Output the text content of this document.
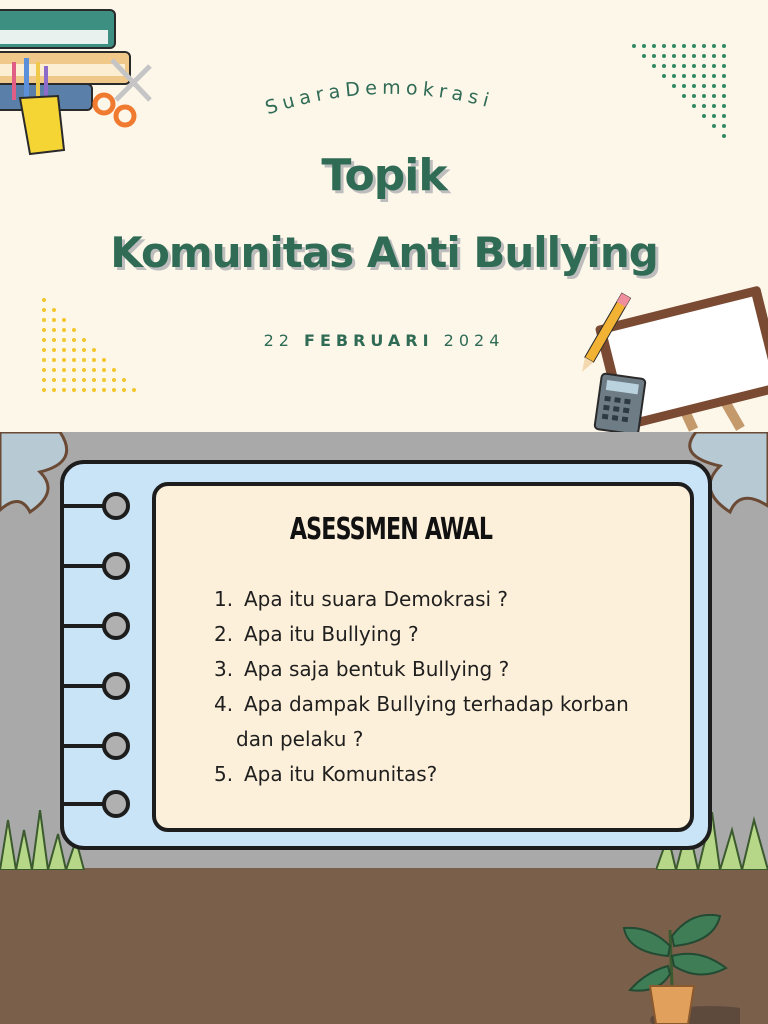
SuaraDemokrasi
Topik
Komunitas Anti Bullying
22 FEBRUARI 2024
ASESSMEN AWAL
1. Apa itu suara Demokrasi ?
2. Apa itu Bullying ?
3. Apa saja bentuk Bullying ?
4. Apa dampak Bullying terhadap korban
dan pelaku ?
5. Apa itu Komunitas?
